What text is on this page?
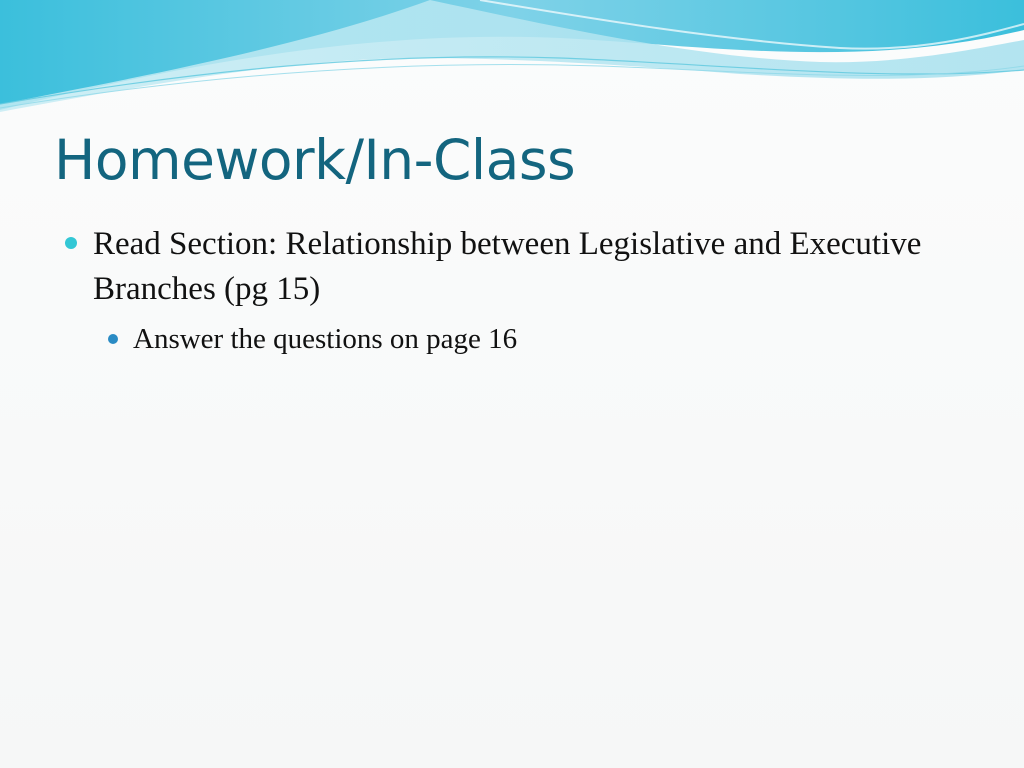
Homework/In-Class

Read Section: Relationship between Legislative and Executive Branches (pg 15)

Answer the questions on page 16
